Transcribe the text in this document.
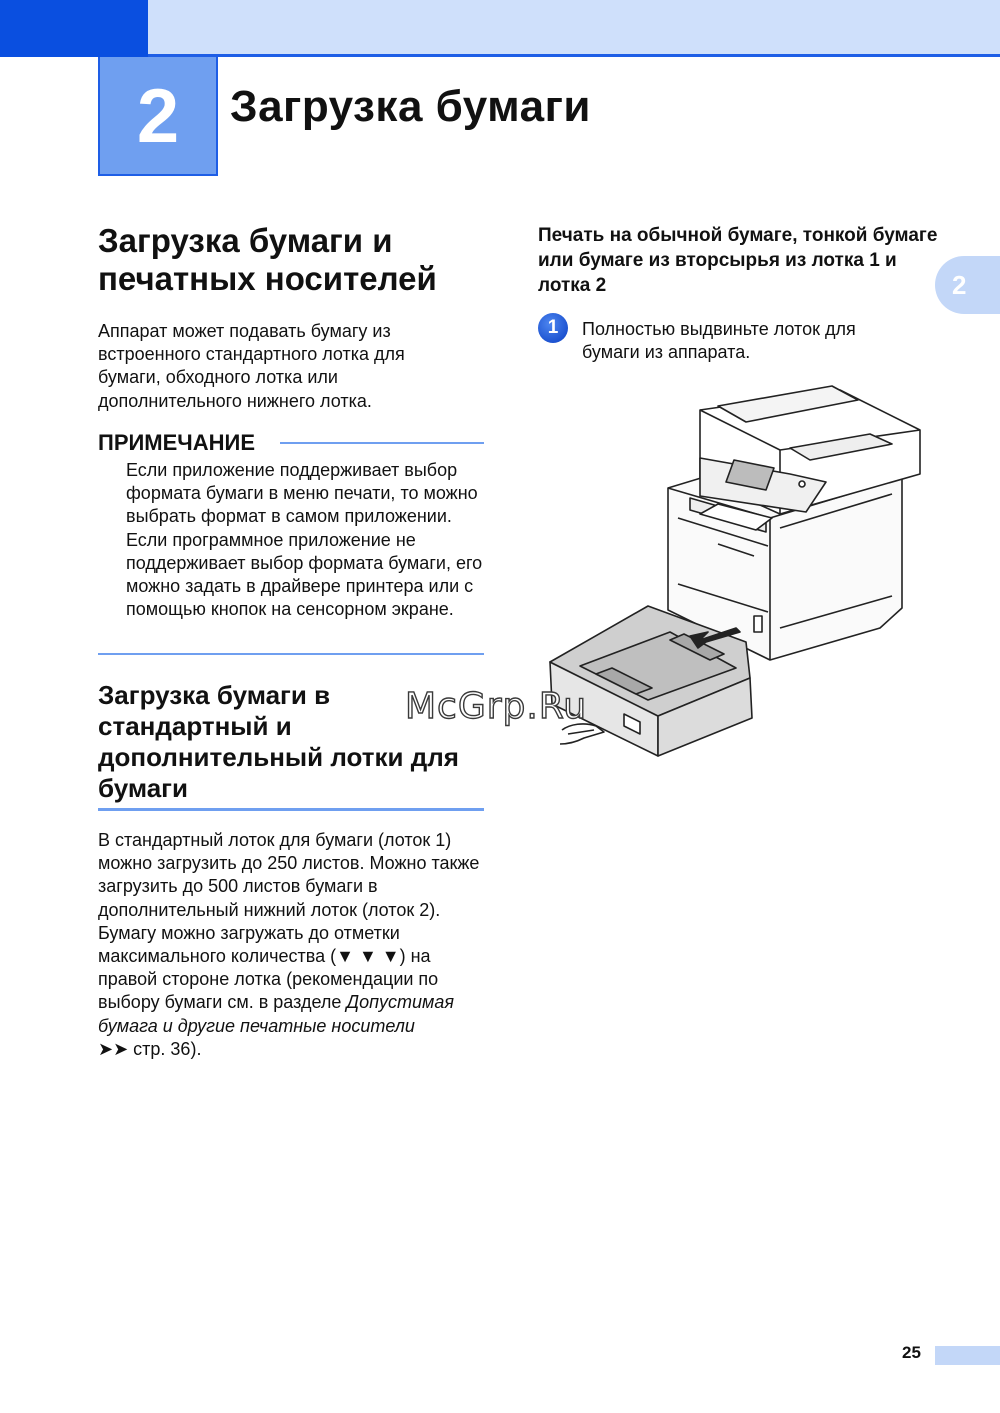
2	Загрузка бумаги
2
Загрузка бумаги и печатных носителей

Аппарат может подавать бумагу из встроенного стандартного лотка для бумаги, обходного лотка или дополнительного нижнего лотка.

ПРИМЕЧАНИЕ

Если приложение поддерживает выбор формата бумаги в меню печати, то можно выбрать формат в самом приложении. Если программное приложение не поддерживает выбор формата бумаги, его можно задать в драйвере принтера или с помощью кнопок на сенсорном экране.

Загрузка бумаги в стандартный и дополнительный лотки для бумаги

В стандартный лоток для бумаги (лоток 1) можно загрузить до 250 листов. Можно также загрузить до 500 листов бумаги в дополнительный нижний лоток (лоток 2). Бумагу можно загружать до отметки максимального количества (▼ ▼ ▼) на правой стороне лотка (рекомендации по выбору бумаги см. в разделе Допустимая бумага и другие печатные носители
➤➤ стр. 36).

Печать на обычной бумаге, тонкой бумаге или бумаге из вторсырья из лотка 1 и лотка 2
1	Полностью выдвиньте лоток для бумаги из аппарата.

McGrp.Ru
25
